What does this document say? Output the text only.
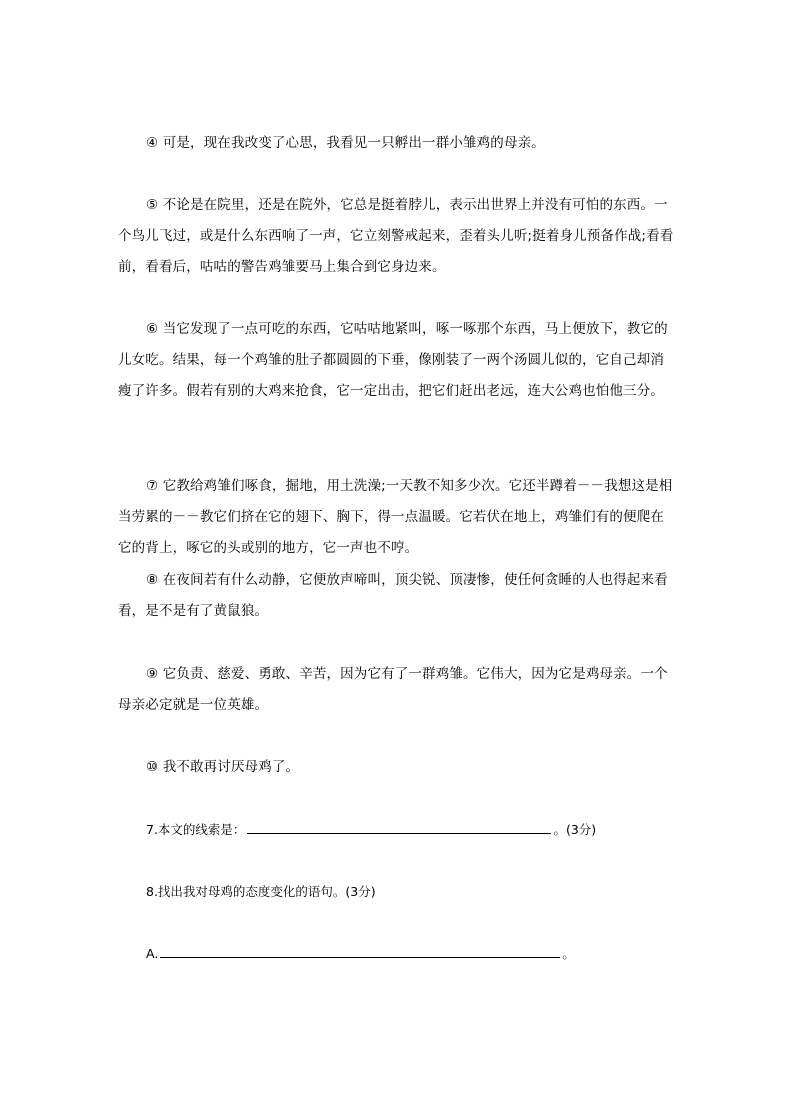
④ 可是，现在我改变了心思，我看见一只孵出一群小雏鸡的母亲。

⑤ 不论是在院里，还是在院外，它总是挺着脖儿，表示出世界上并没有可怕的东西。一个鸟儿飞过，或是什么东西响了一声，它立刻警戒起来，歪着头儿听;挺着身儿预备作战;看看前，看看后，咕咕的警告鸡雏要马上集合到它身边来。

⑥ 当它发现了一点可吃的东西，它咕咕地紧叫，啄一啄那个东西，马上便放下，教它的儿女吃。结果，每一个鸡雏的肚子都圆圆的下垂，像刚装了一两个汤圆儿似的，它自己却消瘦了许多。假若有别的大鸡来抢食，它一定出击，把它们赶出老远，连大公鸡也怕他三分。

⑦ 它教给鸡雏们啄食，掘地，用土洗澡;一天教不知多少次。它还半蹲着－－我想这是相当劳累的－－教它们挤在它的翅下、胸下，得一点温暖。它若伏在地上，鸡雏们有的便爬在它的背上，啄它的头或别的地方，它一声也不哼。

⑧ 在夜间若有什么动静，它便放声啼叫，顶尖锐、顶凄惨，使任何贪睡的人也得起来看看，是不是有了黄鼠狼。

⑨ 它负责、慈爱、勇敢、辛苦，因为它有了一群鸡雏。它伟大，因为它是鸡母亲。一个母亲必定就是一位英雄。

⑩ 我不敢再讨厌母鸡了。

7.本文的线索是：	。(3分)

8.找出我对母鸡的态度变化的语句。(3分)

A.	。
